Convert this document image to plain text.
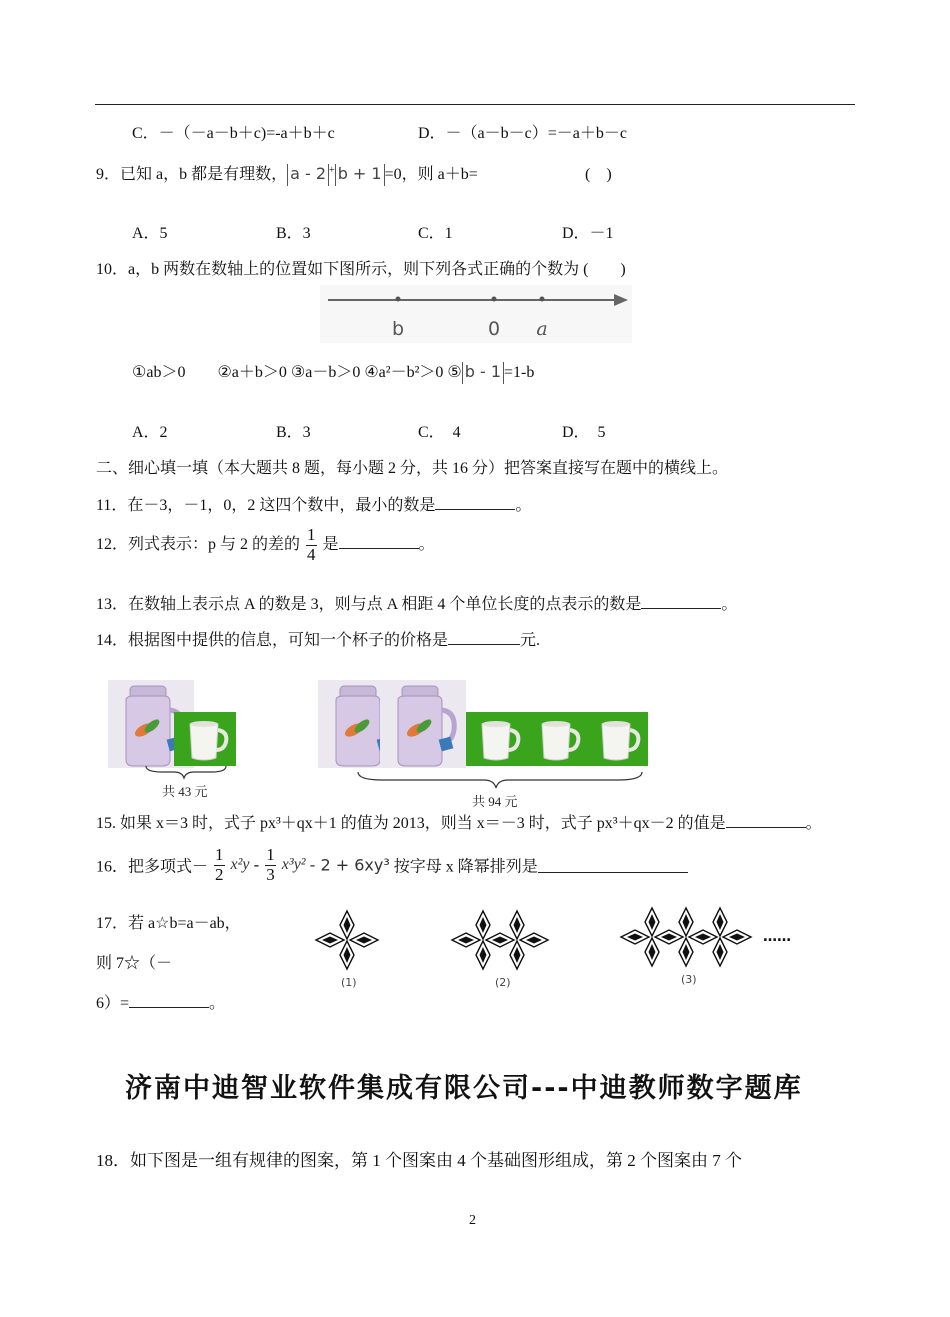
C．－（－a－b＋c)=-a＋b＋c	D．－（a－b－c）=－a＋b－c
9．已知 a，b 都是有理数， a - 2 + b + 1 =0，则 a＋b=	(　)
A．5	B．3	C．1	D．－1
10．a，b 两数在数轴上的位置如下图所示，则下列各式正确的个数为 (　　)
b	0 a
①ab＞0　　②a＋b＞0 ③a－b＞0 ④a²－b²＞0 ⑤ b - 1 =1-b
A．2	B．3	C．　4	D．　5
二、细心填一填（本大题共 8 题，每小题 2 分，共 16 分）把答案直接写在题中的横线上。
11．在－3，－1，0，2 这四个数中，最小的数是	。
12．列式表示：p 与 2 的差的 $\frac{1}{4}$ 是	。
13．在数轴上表示点 A 的数是 3，则与点 A 相距 4 个单位长度的点表示的数是	。
14．根据图中提供的信息，可知一个杯子的价格是	元.
共 43 元
共 94 元
15. 如果 x＝3 时，式子 px³＋qx＋1 的值为 2013，则当 x＝－3 时，式子 px³＋qx－2 的值是	。
16．把多项式－ $\frac{1}{2} x^2y - \frac{1}{3} x^3y^2 - 2 + 6xy^3$ 按字母 x 降幂排列是
17．若 a☆b=a－ab，
则 7☆（－
6）=	。
(1)	(2)	(3)
……
济南中迪智业软件集成有限公司---中迪教师数字题库
18．如下图是一组有规律的图案，第 1 个图案由 4 个基础图形组成，第 2 个图案由 7 个
2
